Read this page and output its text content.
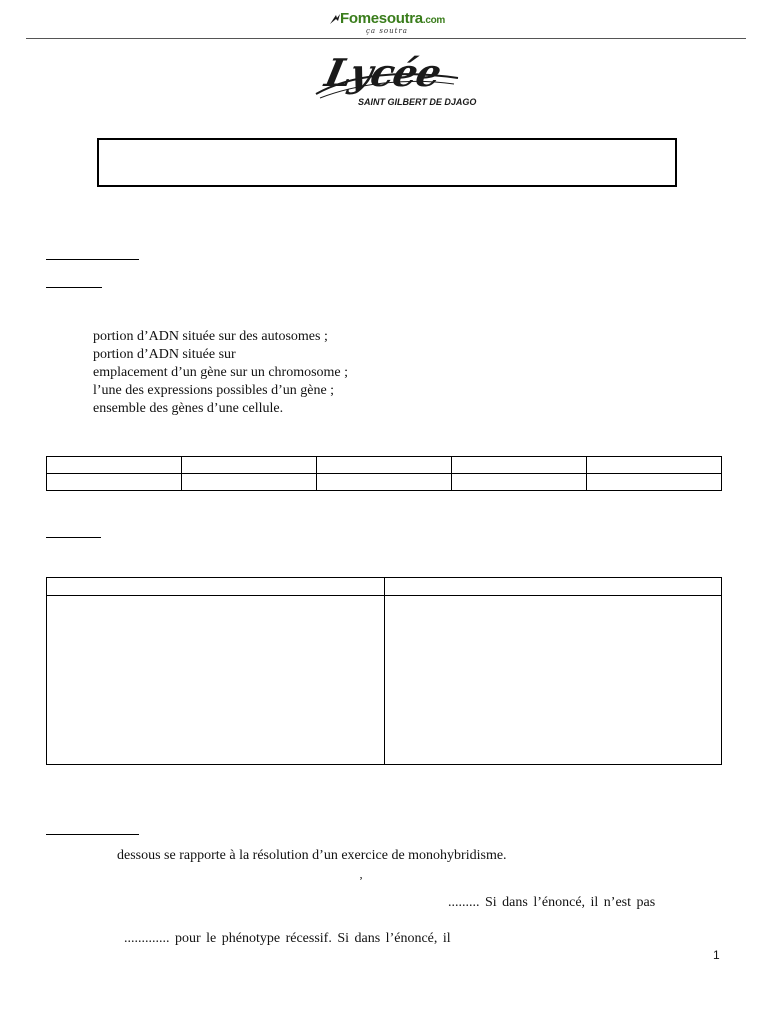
Fomesoutra.com
ça soutra
Lycée
SAINT GILBERT DE DJAGO
portion d’ADN située sur des autosomes ;
portion d’ADN située sur
emplacement d’un gène sur un chromosome ;
l’une des expressions possibles d’un gène ;
ensemble des gènes d’une cellule.

dessous se rapporte à la résolution d’un exercice de monohybridisme.
ʼ
......... Si dans l’énoncé, il n’est pas
............. pour le phénotype récessif. Si dans l’énoncé, il
1
